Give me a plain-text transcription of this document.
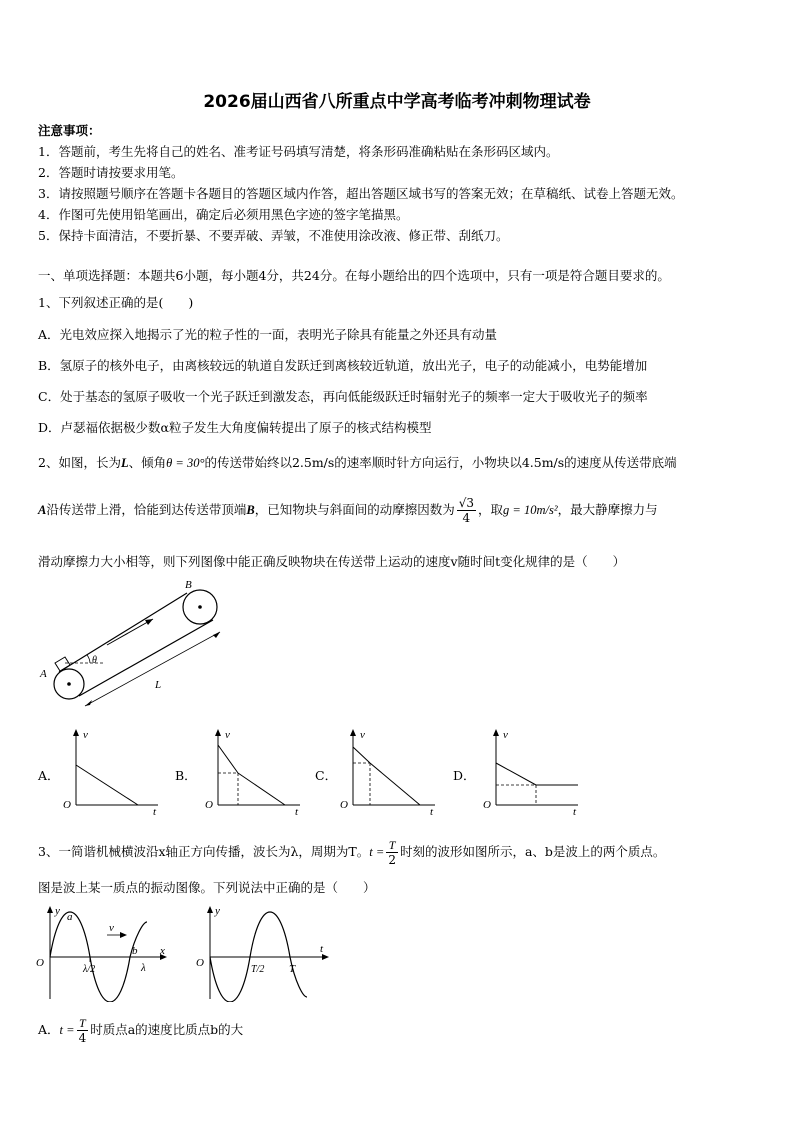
2026届山西省八所重点中学高考临考冲刺物理试卷
注意事项：
1．答题前，考生先将自己的姓名、准考证号码填写清楚，将条形码准确粘贴在条形码区域内。
2．答题时请按要求用笔。
3．请按照题号顺序在答题卡各题目的答题区域内作答，超出答题区域书写的答案无效；在草稿纸、试卷上答题无效。
4．作图可先使用铅笔画出，确定后必须用黑色字迹的签字笔描黑。
5．保持卡面清洁，不要折暴、不要弄破、弄皱，不准使用涂改液、修正带、刮纸刀。
一、单项选择题：本题共6小题，每小题4分，共24分。在每小题给出的四个选项中，只有一项是符合题目要求的。
1、下列叙述正确的是(　　)
A．光电效应探入地揭示了光的粒子性的一面，表明光子除具有能量之外还具有动量
B．氢原子的核外电子，由离核较远的轨道自发跃迁到离核较近轨道，放出光子，电子的动能减小，电势能增加
C．处于基态的氢原子吸收一个光子跃迁到激发态，再向低能级跃迁时辐射光子的频率一定大于吸收光子的频率
D．卢瑟福依据极少数α粒子发生大角度偏转提出了原子的核式结构模型
2、如图，长为L、倾角θ = 30°的传送带始终以2.5m/s的速率顺时针方向运行，小物块以4.5m/s的速度从传送带底端
A沿传送带上滑，恰能到达传送带顶端B，已知物块与斜面间的动摩擦因数为 $\frac{√3}{4}$ ，取g = 10m/s²，最大静摩擦力与
滑动摩擦力大小相等，则下列图像中能正确反映物块在传送带上运动的速度v随时间t变化规律的是（　　）
A
B
L
θ
A．
v
t
O
B．
v
t
O
C．
v
t
O
D．
v
t
O
3、一简谐机械横波沿x轴正方向传播，波长为λ，周期为T。$t = \frac{T}{2}$ 时刻的波形如图所示，a、b是波上的两个质点。
图是波上某一质点的振动图像。下列说法中正确的是（　　）
y
x
O
a
b
v
λ/2	λ
y
t
O
T/2 T
A．$t = \frac{T}{4}$ 时质点a的速度比质点b的大
